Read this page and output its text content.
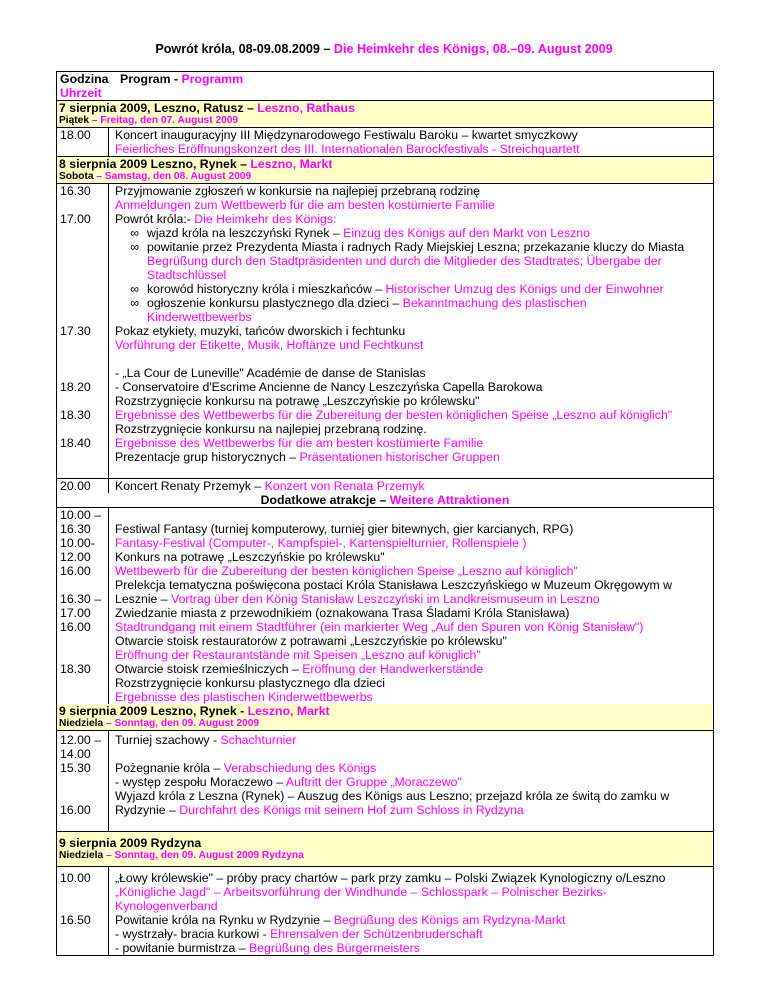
Powrót króla, 08-09.08.2009 – Die Heimkehr des Königs, 08.–09. August 2009
Godzina
Uhrzeit
Program - Programm
7 sierpnia 2009, Leszno, Ratusz – Leszno, Rathaus
Piątek – Freitag, den 07. August 2009
18.00	Koncert inauguracyjny III Międzynarodowego Festiwalu Baroku – kwartet smyczkowy
Feierliches Eröffnungskonzert des III. Internationalen Barockfestivals - Streichquartett
8 sierpnia 2009 Leszno, Rynek – Leszno, Markt
Sobota – Samstag, den 08. August 2009
16.30
17.00
17.30
18.20
18.30
18.40
Przyjmowanie zgłoszeń w konkursie na najlepiej przebraną rodzinę
Anmeldungen zum Wettbewerb für die am besten kostümierte Familie
Powrót króla:- Die Heimkehr des Königs:
∞ wjazd króla na leszczyński Rynek – Einzug des Königs auf den Markt von Leszno
∞ powitanie przez Prezydenta Miasta i radnych Rady Miejskiej Leszna; przekazanie kluczy do Miasta
Begrüßung durch den Stadtpräsidenten und durch die Mitglieder des Stadtrates; Übergabe der
Stadtschlüssel
∞ korowód historyczny króla i mieszkańców – Historischer Umzug des Königs und der Einwohner
∞ ogłoszenie konkursu plastycznego dla dzieci – Bekanntmachung des plastischen
Kinderwettbewerbs
Pokaz etykiety, muzyki, tańców dworskich i fechtunku
Vorführung der Etikette, Musik, Hoftänze und Fechtkunst
- „La Cour de Luneville" Académie de danse de Stanislas
- Conservatoire d'Escrime Ancienne de Nancy Leszczyńska Capella Barokowa
Rozstrzygnięcie konkursu na potrawę „Leszczyńskie po królewsku"
Ergebnisse des Wettbewerbs für die Zubereitung der besten königlichen Speise „Leszno auf königlich"
Rozstrzygnięcie konkursu na najlepiej przebraną rodzinę.
Ergebnisse des Wettbewerbs für die am besten kostümierte Familie
Prezentacje grup historycznych – Präsentationen historischer Gruppen
20.00	Koncert Renaty Przemyk – Konzert von Renata Przemyk
Dodatkowe atrakcje – Weitere Attraktionen
10.00 –
16.30
10.00-
12.00
16.00
16.30 –
17.00
16.00
18.30
Festiwal Fantasy (turniej komputerowy, turniej gier bitewnych, gier karcianych, RPG)
Fantasy-Festival (Computer-, Kampfspiel-, Kartenspielturnier, Rollenspiele )
Konkurs na potrawę „Leszczyńskie po królewsku"
Wettbewerb für die Zubereitung der besten königlichen Speise „Leszno auf königlich"
Prelekcja tematyczna poświęcona postaci Króla Stanisława Leszczyńskiego w Muzeum Okręgowym w
Lesznie – Vortrag über den König Stanisław Leszczyński im Landkreismuseum in Leszno
Zwiedzanie miasta z przewodnikiem (oznakowana Trasa Śladami Króla Stanisława)
Stadtrundgang mit einem Stadtführer (ein markierter Weg „Auf den Spuren von König Stanisław")
Otwarcie stoisk restauratorów z potrawami „Leszczyńskie po królewsku"
Eröffnung der Restaurantstände mit Speisen „Leszno auf königlich"
Otwarcie stoisk rzemieślniczych – Eröffnung der Handwerkerstände
Rozstrzygnięcie konkursu plastycznego dla dzieci
Ergebnisse des plastischen Kinderwettbewerbs
9 sierpnia 2009 Leszno, Rynek - Leszno, Markt
Niedziela – Sonntag, den 09. August 2009
12.00 –
14.00
15.30
16.00
Turniej szachowy - Schachturnier
Pożegnanie króla – Verabschiedung des Königs
- występ zespołu Moraczewo – Auftritt der Gruppe „Moraczewo"
Wyjazd króla z Leszna (Rynek) – Auszug des Königs aus Leszno; przejazd króla ze świtą do zamku w
Rydzynie – Durchfahrt des Königs mit seinem Hof zum Schloss in Rydzyna
9 sierpnia 2009 Rydzyna
Niedziela – Sonntag, den 09. August 2009 Rydzyna
10.00
16.50
„Łowy królewskie" – próby pracy chartów – park przy zamku – Polski Związek Kynologiczny o/Leszno
„Königliche Jagd" – Arbeitsvorführung der Windhunde – Schlosspark – Polnischer Bezirks-
Kynologenverband
Powitanie króla na Rynku w Rydzynie – Begrüßung des Königs am Rydzyna-Markt
- wystrzały- bracia kurkowi - Ehrensalven der Schützenbruderschaft
- powitanie burmistrza – Begrüßung des Bürgermeisters
